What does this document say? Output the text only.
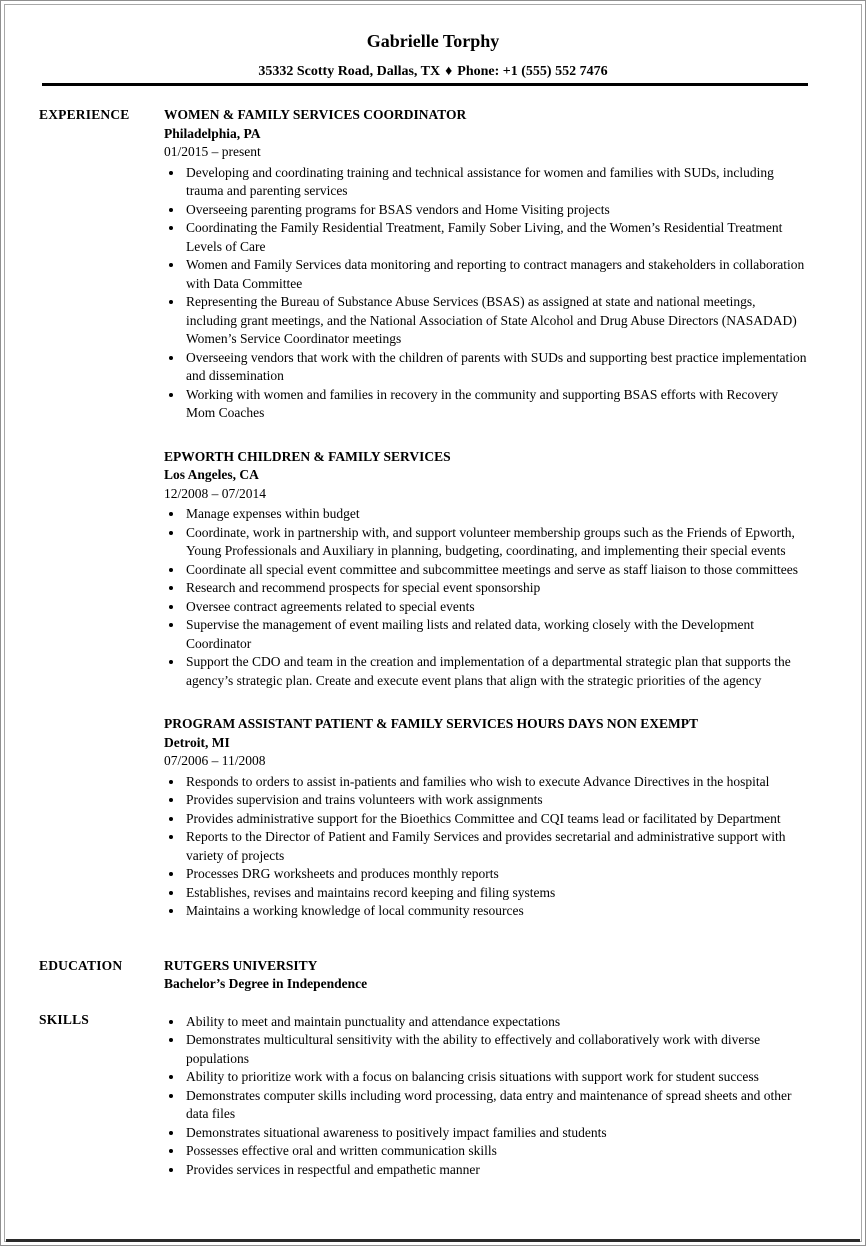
Gabrielle Torphy
35332 Scotty Road, Dallas, TX ♦ Phone: +1 (555) 552 7476
EXPERIENCE	WOMEN & FAMILY SERVICES COORDINATOR
Philadelphia, PA
01/2015 – present
• Developing and coordinating training and technical assistance for women and families with SUDs, including trauma and parenting services
• Overseeing parenting programs for BSAS vendors and Home Visiting projects
• Coordinating the Family Residential Treatment, Family Sober Living, and the Women’s Residential Treatment Levels of Care
• Women and Family Services data monitoring and reporting to contract managers and stakeholders in collaboration with Data Committee
• Representing the Bureau of Substance Abuse Services (BSAS) as assigned at state and national meetings, including grant meetings, and the National Association of State Alcohol and Drug Abuse Directors (NASADAD) Women’s Service Coordinator meetings
• Overseeing vendors that work with the children of parents with SUDs and supporting best practice implementation and dissemination
• Working with women and families in recovery in the community and supporting BSAS efforts with Recovery Mom Coaches
EPWORTH CHILDREN & FAMILY SERVICES
Los Angeles, CA
12/2008 – 07/2014
• Manage expenses within budget
• Coordinate, work in partnership with, and support volunteer membership groups such as the Friends of Epworth, Young Professionals and Auxiliary in planning, budgeting, coordinating, and implementing their special events
• Coordinate all special event committee and subcommittee meetings and serve as staff liaison to those committees
• Research and recommend prospects for special event sponsorship
• Oversee contract agreements related to special events
• Supervise the management of event mailing lists and related data, working closely with the Development Coordinator
• Support the CDO and team in the creation and implementation of a departmental strategic plan that supports the agency’s strategic plan. Create and execute event plans that align with the strategic priorities of the agency
PROGRAM ASSISTANT PATIENT & FAMILY SERVICES HOURS DAYS NON EXEMPT
Detroit, MI
07/2006 – 11/2008
• Responds to orders to assist in-patients and families who wish to execute Advance Directives in the hospital
• Provides supervision and trains volunteers with work assignments
• Provides administrative support for the Bioethics Committee and CQI teams lead or facilitated by Department
• Reports to the Director of Patient and Family Services and provides secretarial and administrative support with variety of projects
• Processes DRG worksheets and produces monthly reports
• Establishes, revises and maintains record keeping and filing systems
• Maintains a working knowledge of local community resources
EDUCATION	RUTGERS UNIVERSITY
Bachelor’s Degree in Independence
SKILLS	• Ability to meet and maintain punctuality and attendance expectations
• Demonstrates multicultural sensitivity with the ability to effectively and collaboratively work with diverse populations
• Ability to prioritize work with a focus on balancing crisis situations with support work for student success
• Demonstrates computer skills including word processing, data entry and maintenance of spread sheets and other data files
• Demonstrates situational awareness to positively impact families and students
• Possesses effective oral and written communication skills
• Provides services in respectful and empathetic manner
